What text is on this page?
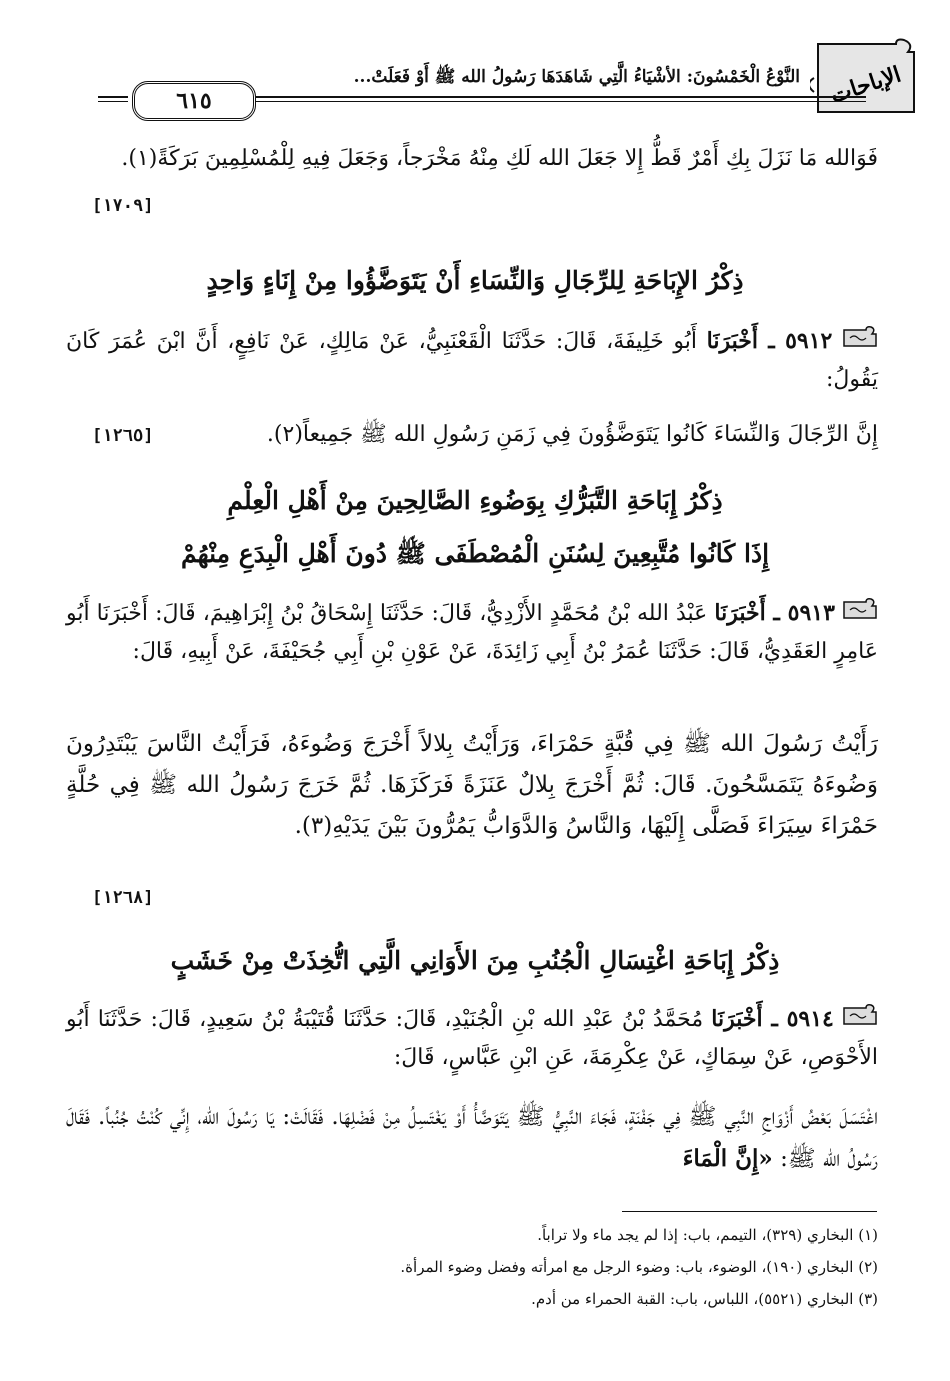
الإباحات
النَّوْعُ الْخَمْسُونَ: الأشْيَاءُ الَّتِي شَاهَدَهَا رَسُولُ الله ﷺ أَوْ فَعَلَتْ...
٦١٥
فَوَالله مَا نَزَلَ بِكِ أَمْرٌ قَطُّ إِلا جَعَلَ الله لَكِ مِنْهُ مَخْرَجاً، وَجَعَلَ فِيهِ لِلْمُسْلِمِينَ بَرَكَةً(١).
[١٧٠٩]
ذِكْرُ الإِبَاحَةِ لِلرِّجَالِ وَالنِّسَاءِ أَنْ يَتَوَضَّؤُوا مِنْ إِنَاءٍ وَاحِدٍ
٥٩١٢ ـ أَخْبَرَنَا أَبُو خَلِيفَةَ، قَالَ: حَدَّثَنَا الْقَعْنَبِيُّ، عَنْ مَالِكٍ، عَنْ نَافِعٍ، أَنَّ ابْنَ عُمَرَ كَانَ يَقُولُ:
إِنَّ الرِّجَالَ وَالنِّسَاءَ كَانُوا يَتَوَضَّؤُونَ فِي زَمَنِ رَسُولِ الله ﷺ جَمِيعاً(٢).
[١٢٦٥]
ذِكْرُ إِبَاحَةِ التَّبَرُّكِ بِوَضُوءِ الصَّالِحِينَ مِنْ أَهْلِ الْعِلْمِ
إِذَا كَانُوا مُتَّبِعِينَ لِسُنَنِ الْمُصْطَفَى ﷺ دُونَ أَهْلِ الْبِدَعِ مِنْهُمْ
٥٩١٣ ـ أَخْبَرَنَا عَبْدُ الله بْنُ مُحَمَّدٍ الأَزْدِيُّ، قَالَ: حَدَّثَنَا إِسْحَاقُ بْنُ إِبْرَاهِيمَ، قَالَ: أَخْبَرَنَا أَبُو عَامِرٍ العَقَدِيُّ، قَالَ: حَدَّثَنَا عُمَرُ بْنُ أَبِي زَائِدَةَ، عَنْ عَوْنِ بْنِ أَبِي جُحَيْفَةَ، عَنْ أَبِيهِ، قَالَ:
رَأَيْتُ رَسُولَ الله ﷺ فِي قُبَّةٍ حَمْرَاءَ، وَرَأَيْتُ بِلالاً أَخْرَجَ وَضُوءَهُ، فَرَأَيْتُ النَّاسَ يَبْتَدِرُونَ وَضُوءَهُ يَتَمَسَّحُونَ. قَالَ: ثُمَّ أَخْرَجَ بِلالٌ عَنَزَةً فَرَكَزَهَا. ثُمَّ خَرَجَ رَسُولُ الله ﷺ فِي حُلَّةٍ حَمْرَاءَ سِيَرَاءَ فَصَلَّى إِلَيْهَا، وَالنَّاسُ وَالدَّوَابُّ يَمُرُّونَ بَيْنَ يَدَيْهِ(٣).
[١٢٦٨]
ذِكْرُ إِبَاحَةِ اغْتِسَالِ الْجُنُبِ مِنَ الأَوَانِي الَّتِي اتُّخِذَتْ مِنْ خَشَبٍ
٥٩١٤ ـ أَخْبَرَنَا مُحَمَّدُ بْنُ عَبْدِ الله بْنِ الْجُنَيْدِ، قَالَ: حَدَّثَنَا قُتَيْبَةُ بْنُ سَعِيدٍ، قَالَ: حَدَّثَنَا أَبُو الأَحْوَصِ، عَنْ سِمَاكٍ، عَنْ عِكْرِمَةَ، عَنِ ابْنِ عَبَّاسٍ، قَالَ:
اغْتَسَلَ بَعْضُ أَزْوَاجِ النَّبِي ﷺ فِي جَفْنَةٍ، فَجَاءَ النَّبِيُّ ﷺ يَتَوَضَّأُ أَوْ يَغْتَسِلُ مِنْ فَضْلِهَا. فَقَالَتْ: يَا رَسُولَ الله، إِنِّي كُنْتُ جُنُباً. فَقَالَ رَسُولُ الله ﷺ: «إِنَّ الْمَاءَ
(١) البخاري (٣٢٩)، التيمم، باب: إذا لم يجد ماء ولا تراباً.
(٢) البخاري (١٩٠)، الوضوء، باب: وضوء الرجل مع امرأته وفضل وضوء المرأة.
(٣) البخاري (٥٥٢١)، اللباس، باب: القبة الحمراء من أدم.
